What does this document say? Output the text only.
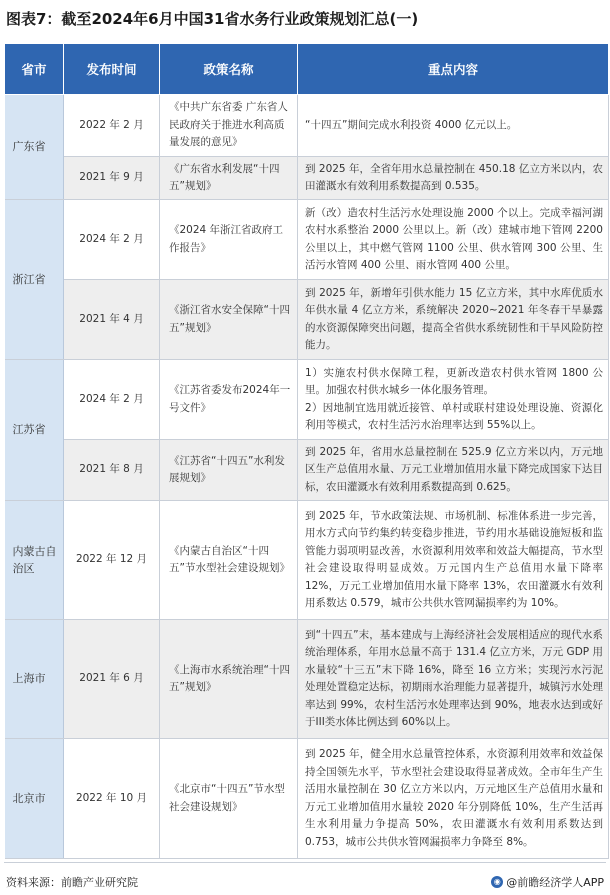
图表7：截至2024年6月中国31省水务行业政策规划汇总(一)
省市	发布时间	政策名称	重点内容
广东省	2022 年 2 月	《中共广东省委 广东省人民政府关于推进水利高质量发展的意见》	“十四五”期间完成水利投资 4000 亿元以上。
	2021 年 9 月	《广东省水利发展“十四五”规划》	到 2025 年，全省年用水总量控制在 450.18 亿立方米以内，农田灌溉水有效利用系数提高到 0.535。
浙江省	2024 年 2 月	《2024 年浙江省政府工作报告》	新（改）造农村生活污水处理设施 2000 个以上。完成幸福河湖农村水系整治 2000 公里以上。新（改）建城市地下管网 2200 公里以上，其中燃气管网 1100 公里、供水管网 300 公里、生活污水管网 400 公里、雨水管网 400 公里。
	2021 年 4 月	《浙江省水安全保障“十四五”规划》	到 2025 年，新增年引供水能力 15 亿立方米，其中水库优质水年供水量 4 亿立方米，系统解决 2020~2021 年冬春干旱暴露的水资源保障突出问题，提高全省供水系统韧性和干旱风险防控能力。
江苏省	2024 年 2 月	《江苏省委发布2024年一号文件》	1）实施农村供水保障工程，更新改造农村供水管网 1800 公里。加强农村供水城乡一体化服务管理。
2）因地制宜选用就近接管、单村或联村建设处理设施、资源化利用等模式，农村生活污水治理率达到 55%以上。
	2021 年 8 月	《江苏省“十四五”水利发展规划》	到 2025 年，省用水总量控制在 525.9 亿立方米以内，万元地区生产总值用水量、万元工业增加值用水量下降完成国家下达目标，农田灌溉水有效利用系数提高到 0.625。
内蒙古自治区	2022 年 12 月	《内蒙古自治区“十四五”节水型社会建设规划》	到 2025 年，节水政策法规、市场机制、标准体系进一步完善，用水方式向节约集约转变稳步推进，节约用水基础设施短板和监管能力弱项明显改善，水资源利用效率和效益大幅提高，节水型社会建设取得明显成效。万元国内生产总值用水量下降率 12%，万元工业增加值用水量下降率 13%，农田灌溉水有效利用系数达 0.579，城市公共供水管网漏损率约为 10%。
上海市	2021 年 6 月	《上海市水系统治理“十四五”规划》	到“十四五”末，基本建成与上海经济社会发展相适应的现代水系统治理体系，年用水总量不高于 131.4 亿立方米，万元 GDP 用水量较“十三五”末下降 16%，降至 16 立方米；实现污水污泥处理处置稳定达标，初期雨水治理能力显著提升，城镇污水处理率达到 99%，农村生活污水处理率达到 90%，地表水达到或好于III类水体比例达到 60%以上。
北京市	2022 年 10 月	《北京市“十四五”节水型社会建设规划》	到 2025 年，健全用水总量管控体系，水资源利用效率和效益保持全国领先水平，节水型社会建设取得显著成效。全市年生产生活用水量控制在 30 亿立方米以内，万元地区生产总值用水量和万元工业增加值用水量较 2020 年分别降低 10%，生产生活再生水利用量力争提高 50%，农田灌溉水有效利用系数达到 0.753，城市公共供水管网漏损率力争降至 8%。
资料来源：前瞻产业研究院	◉ @前瞻经济学人APP
